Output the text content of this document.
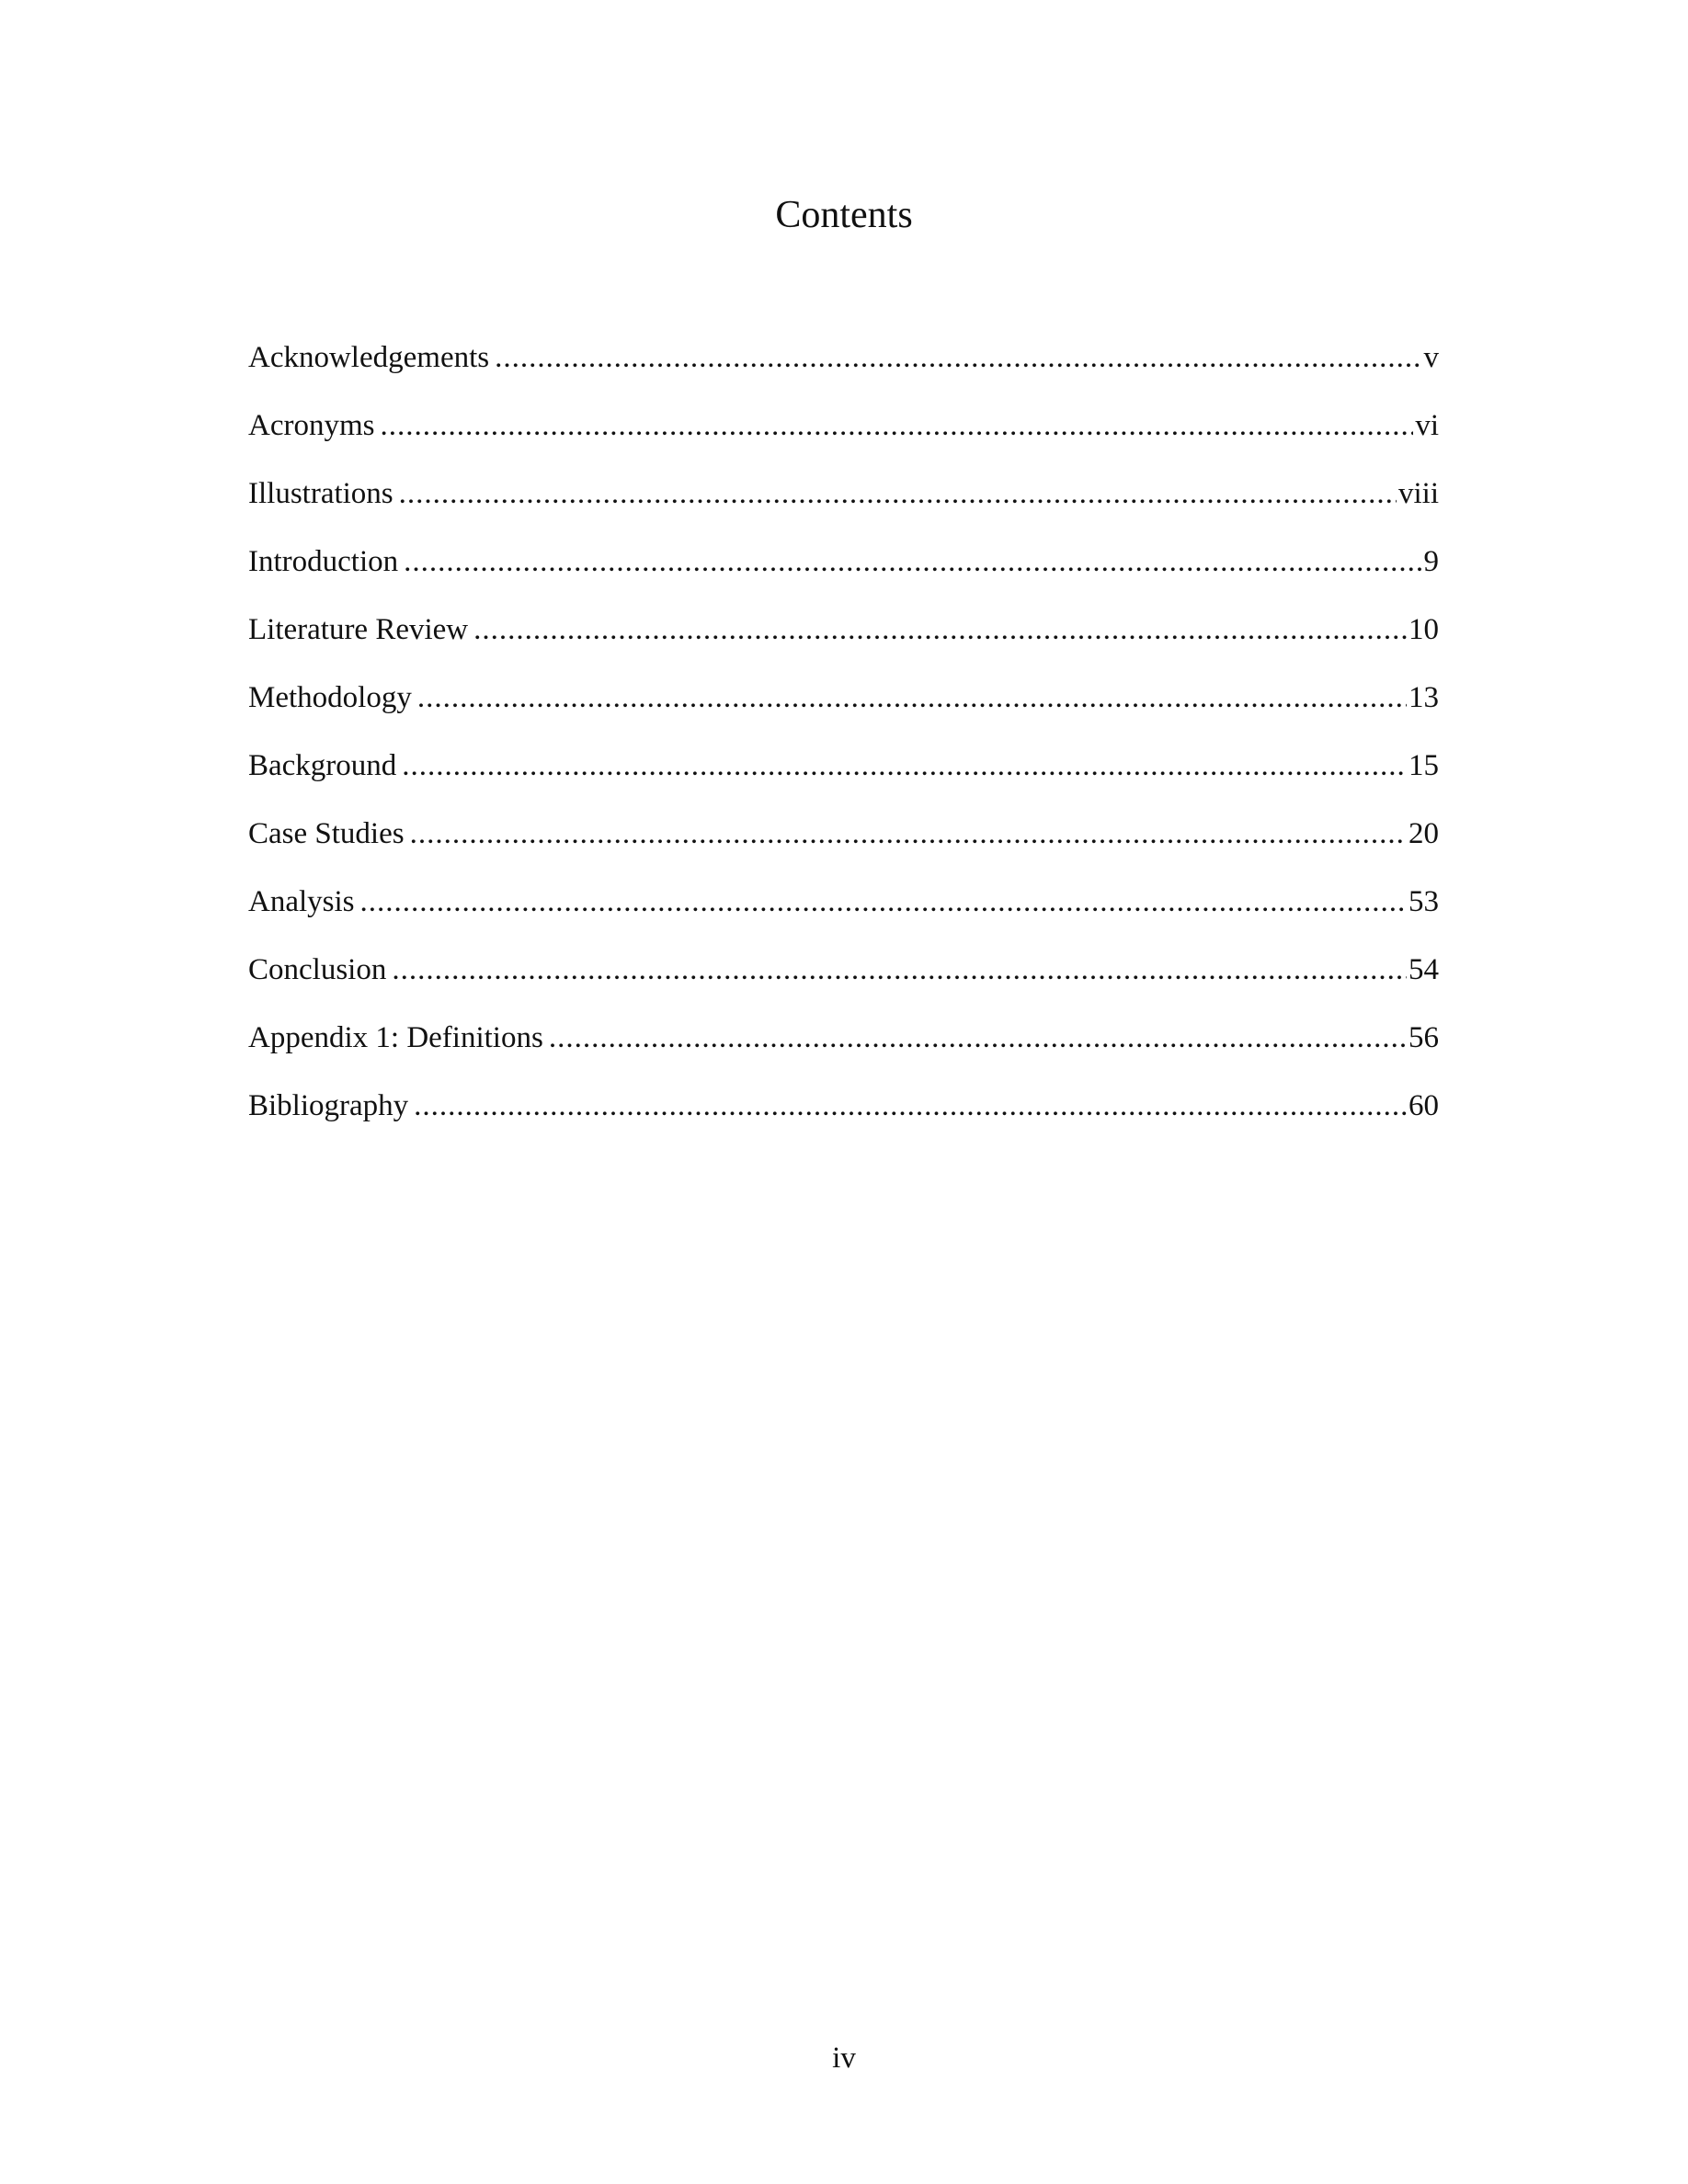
Contents
Acknowledgements .....	v
Acronyms .....	vi
Illustrations .....	viii
Introduction .....	9
Literature Review .....	10
Methodology .....	13
Background .....	15
Case Studies .....	20
Analysis .....	53
Conclusion .....	54
Appendix 1: Definitions .....	56
Bibliography .....	60
iv
